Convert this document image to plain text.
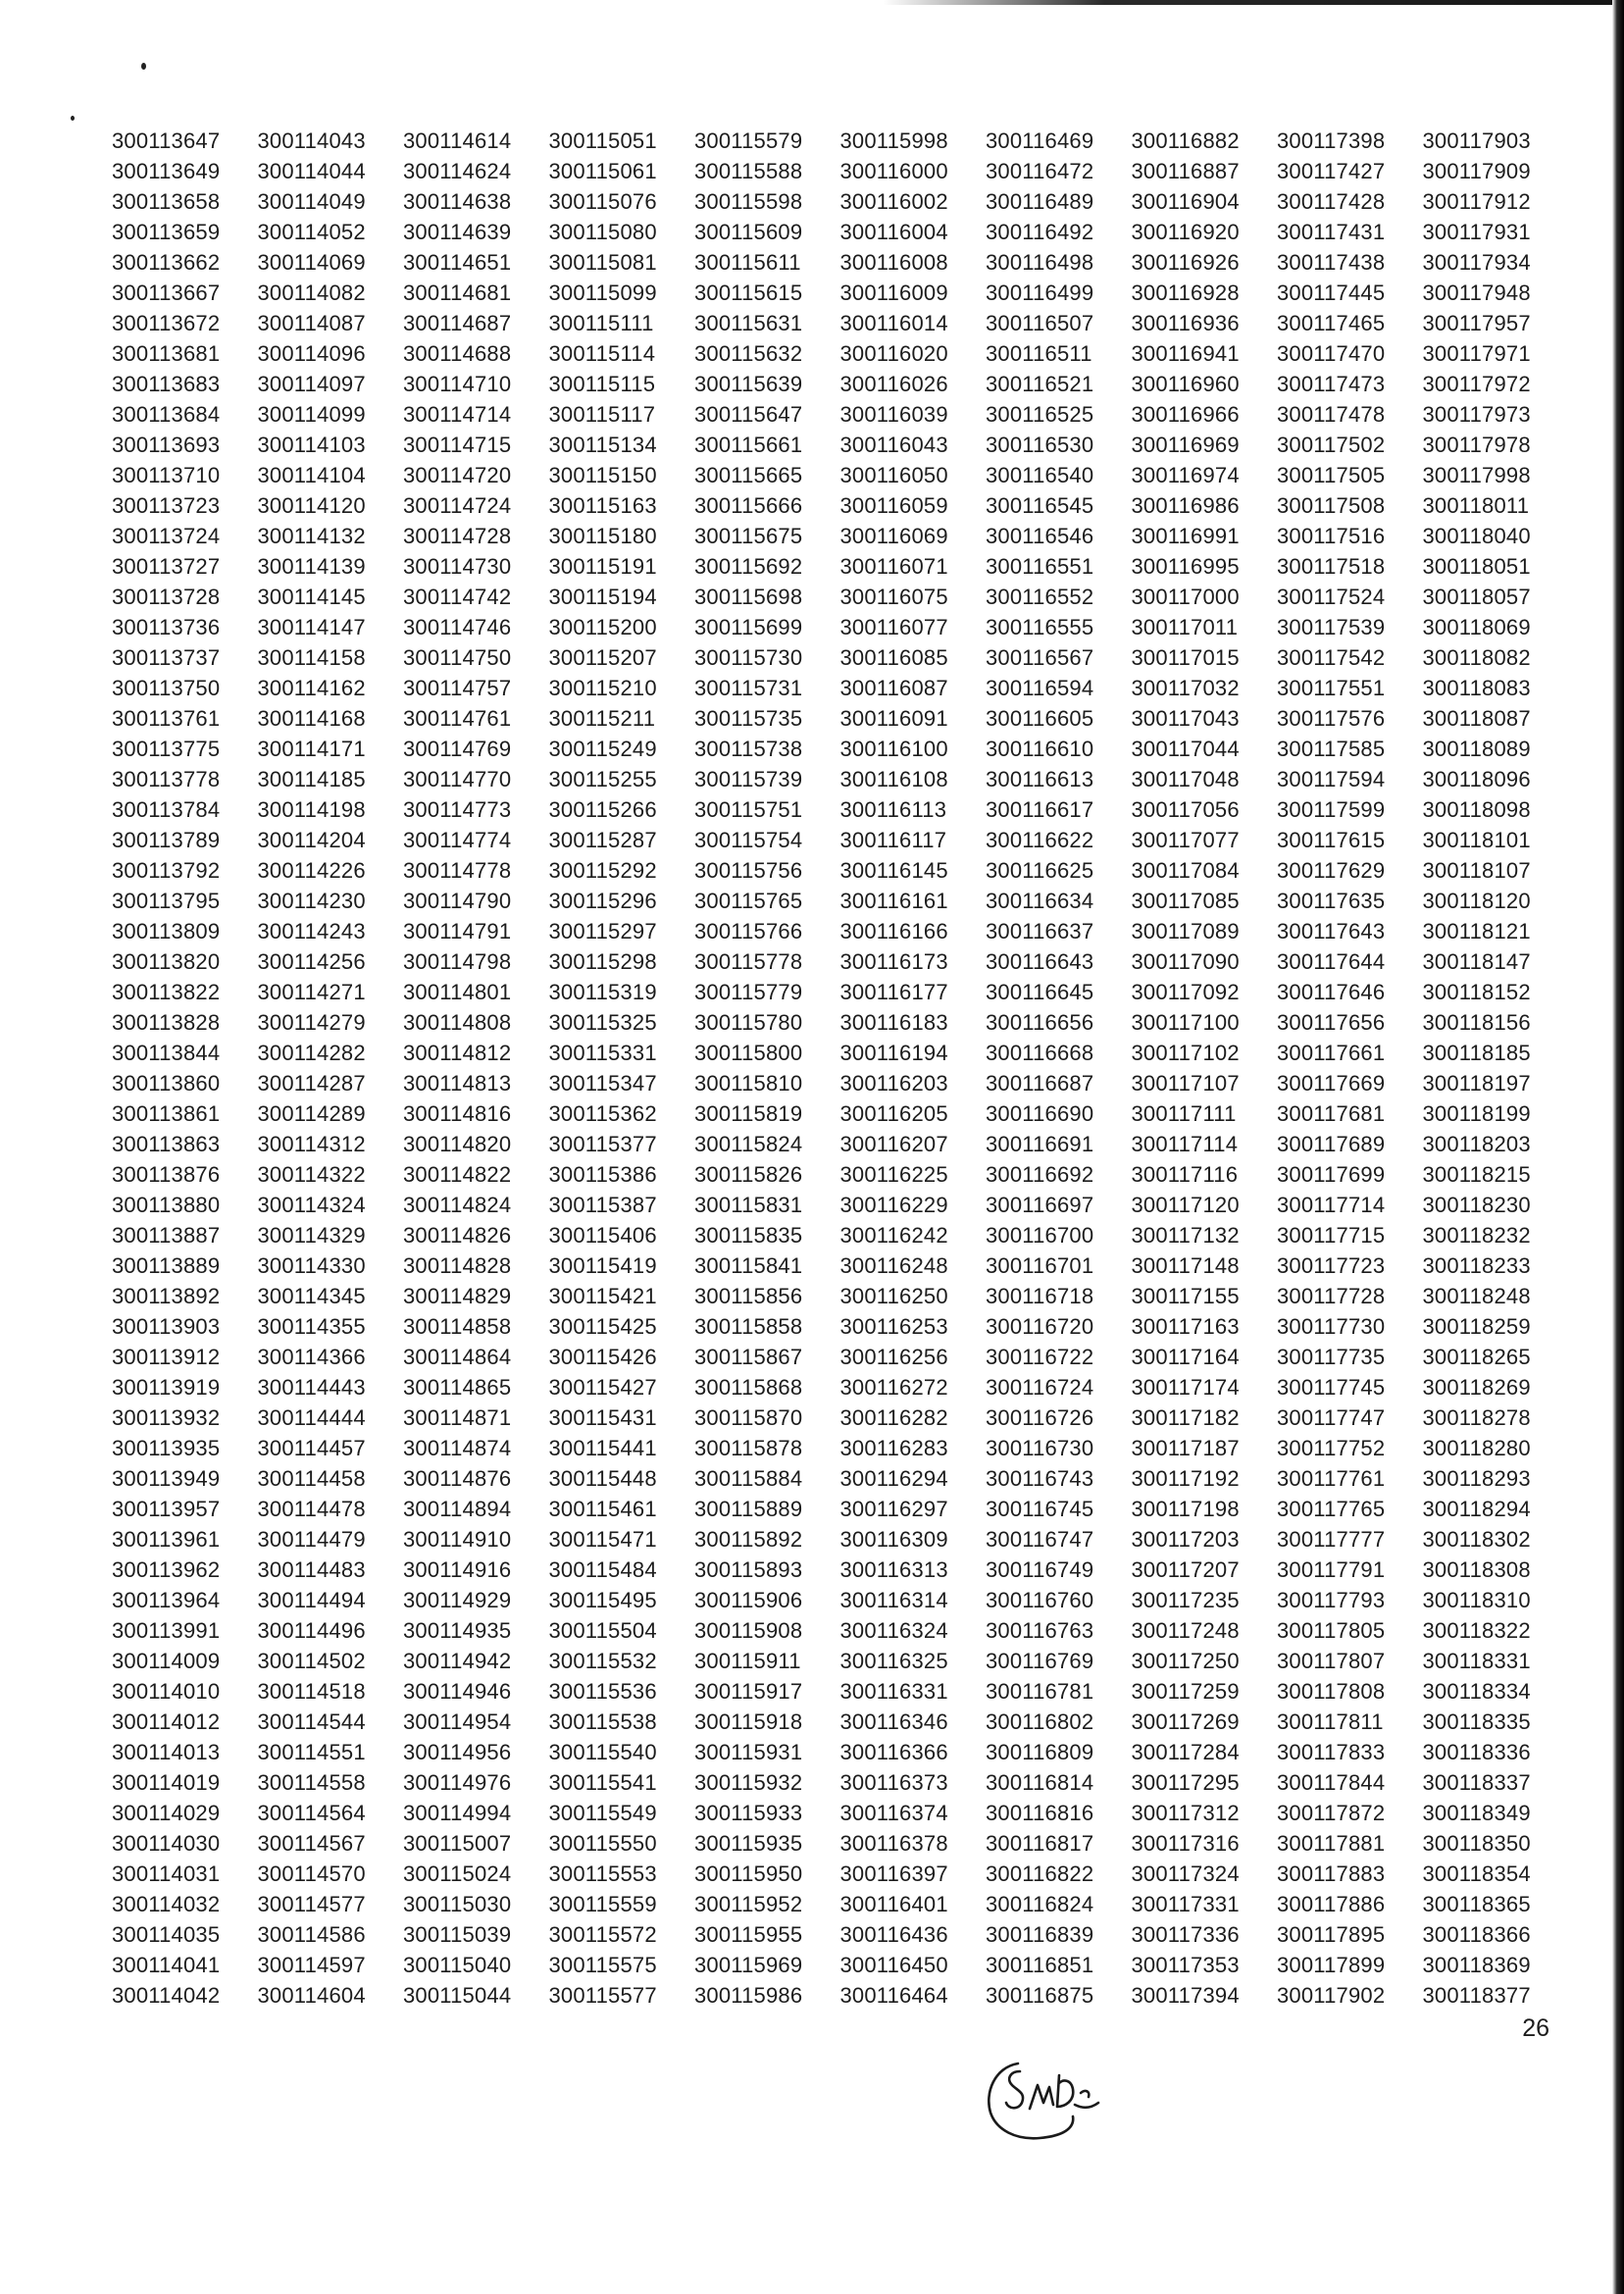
300113647	300114043	300114614	300115051	300115579	300115998	300116469	300116882	300117398	300117903
300113649	300114044	300114624	300115061	300115588	300116000	300116472	300116887	300117427	300117909
300113658	300114049	300114638	300115076	300115598	300116002	300116489	300116904	300117428	300117912
300113659	300114052	300114639	300115080	300115609	300116004	300116492	300116920	300117431	300117931
300113662	300114069	300114651	300115081	300115611	300116008	300116498	300116926	300117438	300117934
300113667	300114082	300114681	300115099	300115615	300116009	300116499	300116928	300117445	300117948
300113672	300114087	300114687	300115111	300115631	300116014	300116507	300116936	300117465	300117957
300113681	300114096	300114688	300115114	300115632	300116020	300116511	300116941	300117470	300117971
300113683	300114097	300114710	300115115	300115639	300116026	300116521	300116960	300117473	300117972
300113684	300114099	300114714	300115117	300115647	300116039	300116525	300116966	300117478	300117973
300113693	300114103	300114715	300115134	300115661	300116043	300116530	300116969	300117502	300117978
300113710	300114104	300114720	300115150	300115665	300116050	300116540	300116974	300117505	300117998
300113723	300114120	300114724	300115163	300115666	300116059	300116545	300116986	300117508	300118011
300113724	300114132	300114728	300115180	300115675	300116069	300116546	300116991	300117516	300118040
300113727	300114139	300114730	300115191	300115692	300116071	300116551	300116995	300117518	300118051
300113728	300114145	300114742	300115194	300115698	300116075	300116552	300117000	300117524	300118057
300113736	300114147	300114746	300115200	300115699	300116077	300116555	300117011	300117539	300118069
300113737	300114158	300114750	300115207	300115730	300116085	300116567	300117015	300117542	300118082
300113750	300114162	300114757	300115210	300115731	300116087	300116594	300117032	300117551	300118083
300113761	300114168	300114761	300115211	300115735	300116091	300116605	300117043	300117576	300118087
300113775	300114171	300114769	300115249	300115738	300116100	300116610	300117044	300117585	300118089
300113778	300114185	300114770	300115255	300115739	300116108	300116613	300117048	300117594	300118096
300113784	300114198	300114773	300115266	300115751	300116113	300116617	300117056	300117599	300118098
300113789	300114204	300114774	300115287	300115754	300116117	300116622	300117077	300117615	300118101
300113792	300114226	300114778	300115292	300115756	300116145	300116625	300117084	300117629	300118107
300113795	300114230	300114790	300115296	300115765	300116161	300116634	300117085	300117635	300118120
300113809	300114243	300114791	300115297	300115766	300116166	300116637	300117089	300117643	300118121
300113820	300114256	300114798	300115298	300115778	300116173	300116643	300117090	300117644	300118147
300113822	300114271	300114801	300115319	300115779	300116177	300116645	300117092	300117646	300118152
300113828	300114279	300114808	300115325	300115780	300116183	300116656	300117100	300117656	300118156
300113844	300114282	300114812	300115331	300115800	300116194	300116668	300117102	300117661	300118185
300113860	300114287	300114813	300115347	300115810	300116203	300116687	300117107	300117669	300118197
300113861	300114289	300114816	300115362	300115819	300116205	300116690	300117111	300117681	300118199
300113863	300114312	300114820	300115377	300115824	300116207	300116691	300117114	300117689	300118203
300113876	300114322	300114822	300115386	300115826	300116225	300116692	300117116	300117699	300118215
300113880	300114324	300114824	300115387	300115831	300116229	300116697	300117120	300117714	300118230
300113887	300114329	300114826	300115406	300115835	300116242	300116700	300117132	300117715	300118232
300113889	300114330	300114828	300115419	300115841	300116248	300116701	300117148	300117723	300118233
300113892	300114345	300114829	300115421	300115856	300116250	300116718	300117155	300117728	300118248
300113903	300114355	300114858	300115425	300115858	300116253	300116720	300117163	300117730	300118259
300113912	300114366	300114864	300115426	300115867	300116256	300116722	300117164	300117735	300118265
300113919	300114443	300114865	300115427	300115868	300116272	300116724	300117174	300117745	300118269
300113932	300114444	300114871	300115431	300115870	300116282	300116726	300117182	300117747	300118278
300113935	300114457	300114874	300115441	300115878	300116283	300116730	300117187	300117752	300118280
300113949	300114458	300114876	300115448	300115884	300116294	300116743	300117192	300117761	300118293
300113957	300114478	300114894	300115461	300115889	300116297	300116745	300117198	300117765	300118294
300113961	300114479	300114910	300115471	300115892	300116309	300116747	300117203	300117777	300118302
300113962	300114483	300114916	300115484	300115893	300116313	300116749	300117207	300117791	300118308
300113964	300114494	300114929	300115495	300115906	300116314	300116760	300117235	300117793	300118310
300113991	300114496	300114935	300115504	300115908	300116324	300116763	300117248	300117805	300118322
300114009	300114502	300114942	300115532	300115911	300116325	300116769	300117250	300117807	300118331
300114010	300114518	300114946	300115536	300115917	300116331	300116781	300117259	300117808	300118334
300114012	300114544	300114954	300115538	300115918	300116346	300116802	300117269	300117811	300118335
300114013	300114551	300114956	300115540	300115931	300116366	300116809	300117284	300117833	300118336
300114019	300114558	300114976	300115541	300115932	300116373	300116814	300117295	300117844	300118337
300114029	300114564	300114994	300115549	300115933	300116374	300116816	300117312	300117872	300118349
300114030	300114567	300115007	300115550	300115935	300116378	300116817	300117316	300117881	300118350
300114031	300114570	300115024	300115553	300115950	300116397	300116822	300117324	300117883	300118354
300114032	300114577	300115030	300115559	300115952	300116401	300116824	300117331	300117886	300118365
300114035	300114586	300115039	300115572	300115955	300116436	300116839	300117336	300117895	300118366
300114041	300114597	300115040	300115575	300115969	300116450	300116851	300117353	300117899	300118369
300114042	300114604	300115044	300115577	300115986	300116464	300116875	300117394	300117902	300118377
26
